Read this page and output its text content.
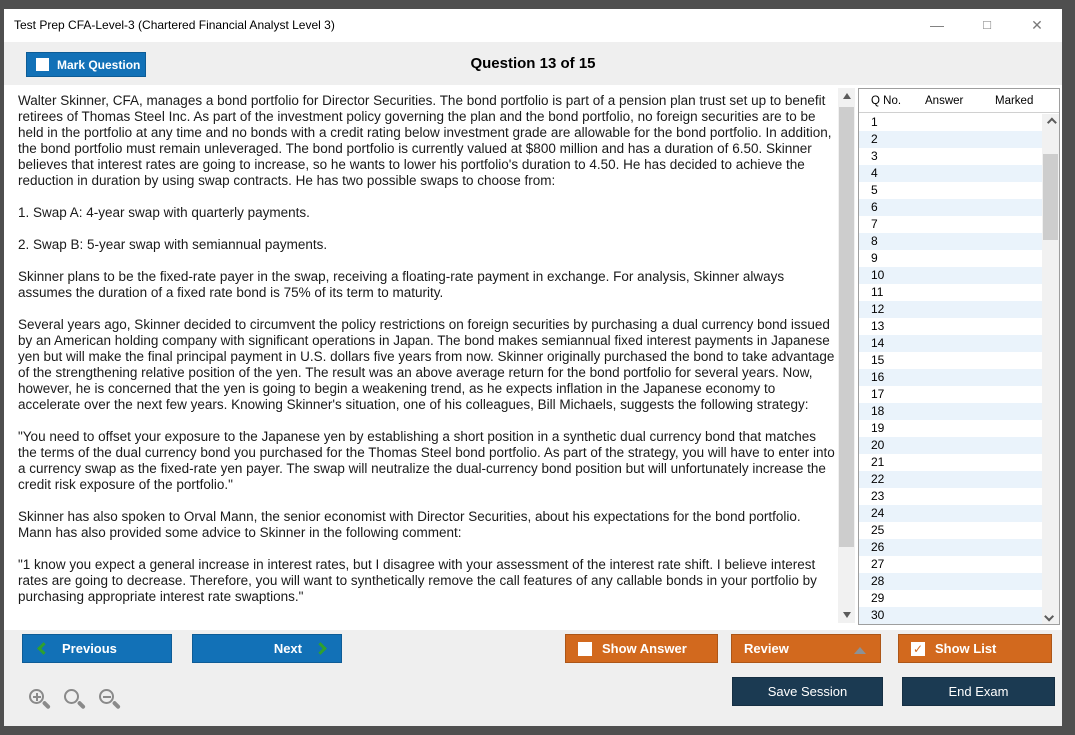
Test Prep CFA-Level-3 (Chartered Financial Analyst Level 3)	—	□	✕
Question 13 of 15
Mark Question

Walter Skinner, CFA, manages a bond portfolio for Director Securities. The bond portfolio is part of a pension plan trust set up to benefit retirees of Thomas Steel Inc. As part of the investment policy governing the plan and the bond portfolio, no foreign securities are to be held in the portfolio at any time and no bonds with a credit rating below investment grade are allowable for the bond portfolio. In addition, the bond portfolio must remain unleveraged. The bond portfolio is currently valued at $800 million and has a duration of 6.50. Skinner believes that interest rates are going to increase, so he wants to lower his portfolio's duration to 4.50. He has decided to achieve the reduction in duration by using swap contracts. He has two possible swaps to choose from:

1. Swap A: 4-year swap with quarterly payments.

2. Swap B: 5-year swap with semiannual payments.

Skinner plans to be the fixed-rate payer in the swap, receiving a floating-rate payment in exchange. For analysis, Skinner always assumes the duration of a fixed rate bond is 75% of its term to maturity.

Several years ago, Skinner decided to circumvent the policy restrictions on foreign securities by purchasing a dual currency bond issued by an American holding company with significant operations in Japan. The bond makes semiannual fixed interest payments in Japanese yen but will make the final principal payment in U.S. dollars five years from now. Skinner originally purchased the bond to take advantage of the strengthening relative position of the yen. The result was an above average return for the bond portfolio for several years. Now, however, he is concerned that the yen is going to begin a weakening trend, as he expects inflation in the Japanese economy to accelerate over the next few years. Knowing Skinner's situation, one of his colleagues, Bill Michaels, suggests the following strategy:

"You need to offset your exposure to the Japanese yen by establishing a short position in a synthetic dual currency bond that matches the terms of the dual currency bond you purchased for the Thomas Steel bond portfolio. As part of the strategy, you will have to enter into a currency swap as the fixed-rate yen payer. The swap will neutralize the dual-currency bond position but will unfortunately increase the credit risk exposure of the portfolio."

Skinner has also spoken to Orval Mann, the senior economist with Director Securities, about his expectations for the bond portfolio. Mann has also provided some advice to Skinner in the following comment:

"1 know you expect a general increase in interest rates, but I disagree with your assessment of the interest rate shift. I believe interest rates are going to decrease. Therefore, you will want to synthetically remove the call features of any callable bonds in your portfolio by purchasing appropriate interest rate swaptions."

Q No. Answer	Marked
1
2
3
4
5
6
7
8
9
10
11
12
13
14
15
16
17
18
19
20
21
22
23
24
25
26
27
28
29
30
Previous	Next	Show Answer	Review	✓ Show List
Save Session	End Exam
